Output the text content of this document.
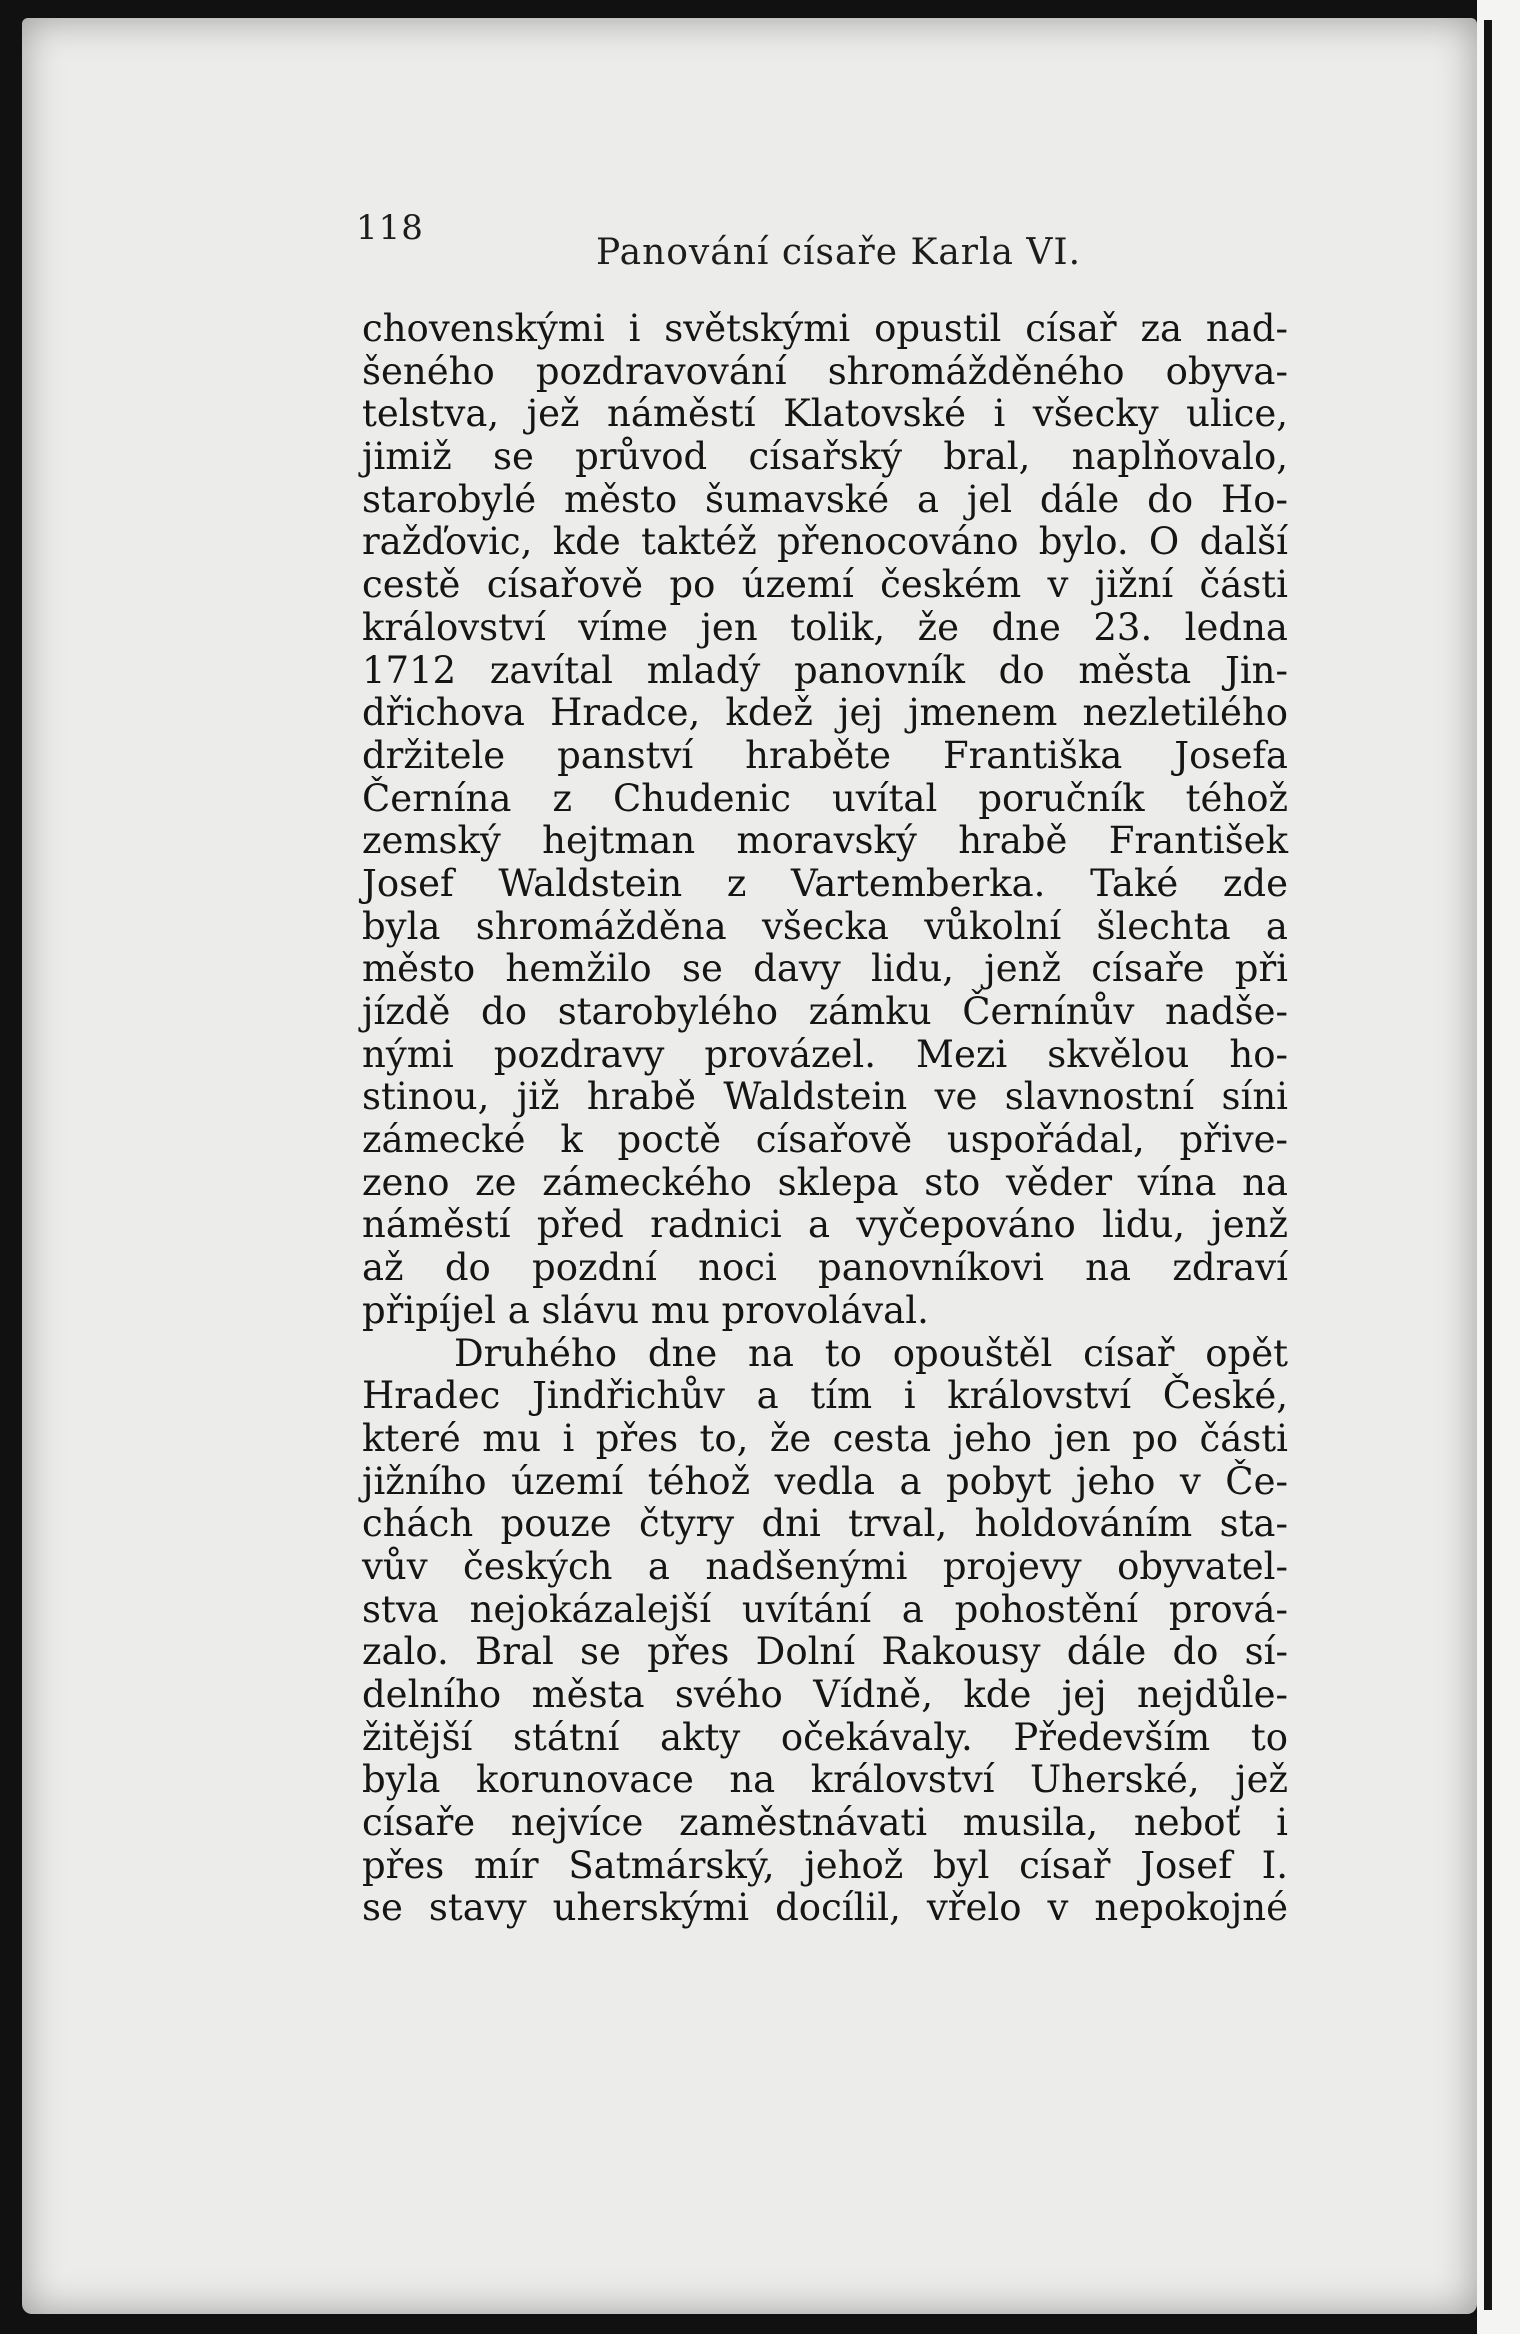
118
Panování císaře Karla VI.
chovenskými i světskými opustil císař za nad-
šeného pozdravování shromážděného obyva-
telstva, jež náměstí Klatovské i všecky ulice,
jimiž se průvod císařský bral, naplňovalo,
starobylé město šumavské a jel dále do Ho-
ražďovic, kde taktéž přenocováno bylo. O další
cestě císařově po území českém v jižní části
království víme jen tolik, že dne 23. ledna
1712 zavítal mladý panovník do města Jin-
dřichova Hradce, kdež jej jmenem nezletilého
držitele panství hraběte Františka Josefa
Černína z Chudenic uvítal poručník téhož
zemský hejtman moravský hrabě František
Josef Waldstein z Vartemberka. Také zde
byla shromážděna všecka vůkolní šlechta a
město hemžilo se davy lidu, jenž císaře při
jízdě do starobylého zámku Černínův nadše-
nými pozdravy provázel. Mezi skvělou ho-
stinou, již hrabě Waldstein ve slavnostní síni
zámecké k poctě císařově uspořádal, přive-
zeno ze zámeckého sklepa sto věder vína na
náměstí před radnici a vyčepováno lidu, jenž
až do pozdní noci panovníkovi na zdraví
připíjel a slávu mu provolával.
Druhého dne na to opouštěl císař opět
Hradec Jindřichův a tím i království České,
které mu i přes to, že cesta jeho jen po části
jižního území téhož vedla a pobyt jeho v Če-
chách pouze čtyry dni trval, holdováním sta-
vův českých a nadšenými projevy obyvatel-
stva nejokázalejší uvítání a pohostění prová-
zalo. Bral se přes Dolní Rakousy dále do sí-
delního města svého Vídně, kde jej nejdůle-
žitější státní akty očekávaly. Především to
byla korunovace na království Uherské, jež
císaře nejvíce zaměstnávati musila, neboť i
přes mír Satmárský, jehož byl císař Josef I.
se stavy uherskými docílil, vřelo v nepokojné
